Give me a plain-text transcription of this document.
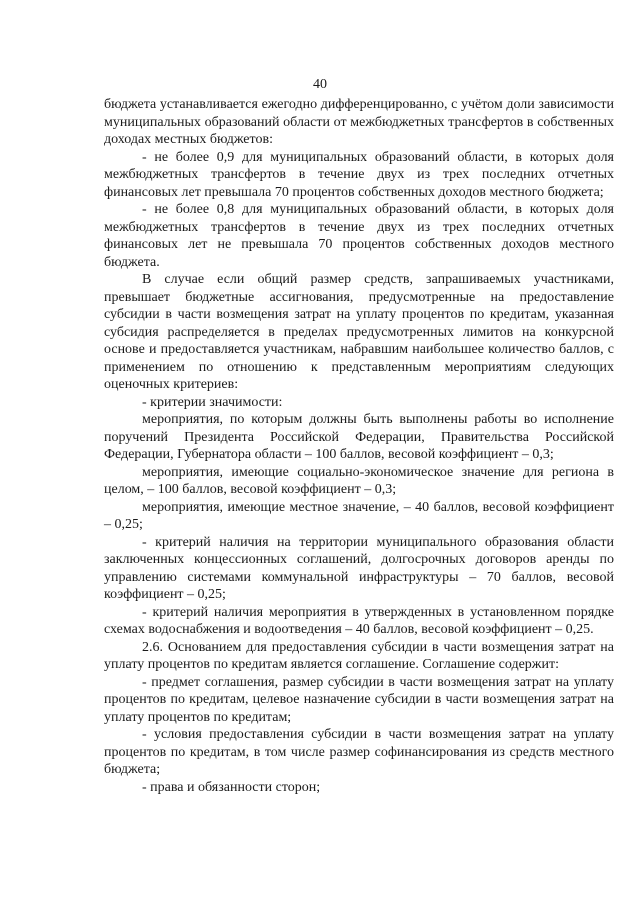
40

бюджета устанавливается ежегодно дифференцированно, с учётом доли зависимости муниципальных образований области от межбюджетных трансфертов в собственных доходах местных бюджетов:

- не более 0,9 для муниципальных образований области, в которых доля межбюджетных трансфертов в течение двух из трех последних отчетных финансовых лет превышала 70 процентов собственных доходов местного бюджета;

- не более 0,8 для муниципальных образований области, в которых доля межбюджетных трансфертов в течение двух из трех последних отчетных финансовых лет не превышала 70 процентов собственных доходов местного бюджета.

В случае если общий размер средств, запрашиваемых участниками, превышает бюджетные ассигнования, предусмотренные на предоставление субсидии в части возмещения затрат на уплату процентов по кредитам, указанная субсидия распределяется в пределах предусмотренных лимитов на конкурсной основе и предоставляется участникам, набравшим наибольшее количество баллов, с применением по отношению к представленным мероприятиям следующих оценочных критериев:

- критерии значимости:

мероприятия, по которым должны быть выполнены работы во исполнение поручений Президента Российской Федерации, Правительства Российской Федерации, Губернатора области – 100 баллов, весовой коэффициент – 0,3;

мероприятия, имеющие социально-экономическое значение для региона в целом, – 100 баллов, весовой коэффициент – 0,3;

мероприятия, имеющие местное значение, – 40 баллов, весовой коэффициент – 0,25;

- критерий наличия на территории муниципального образования области заключенных концессионных соглашений, долгосрочных договоров аренды по управлению системами коммунальной инфраструктуры – 70 баллов, весовой коэффициент – 0,25;

- критерий наличия мероприятия в утвержденных в установленном порядке схемах водоснабжения и водоотведения – 40 баллов, весовой коэффициент – 0,25.

2.6. Основанием для предоставления субсидии в части возмещения затрат на уплату процентов по кредитам является соглашение. Соглашение содержит:

- предмет соглашения, размер субсидии в части возмещения затрат на уплату процентов по кредитам, целевое назначение субсидии в части возмещения затрат на уплату процентов по кредитам;

- условия предоставления субсидии в части возмещения затрат на уплату процентов по кредитам, в том числе размер софинансирования из средств местного бюджета;

- права и обязанности сторон;
